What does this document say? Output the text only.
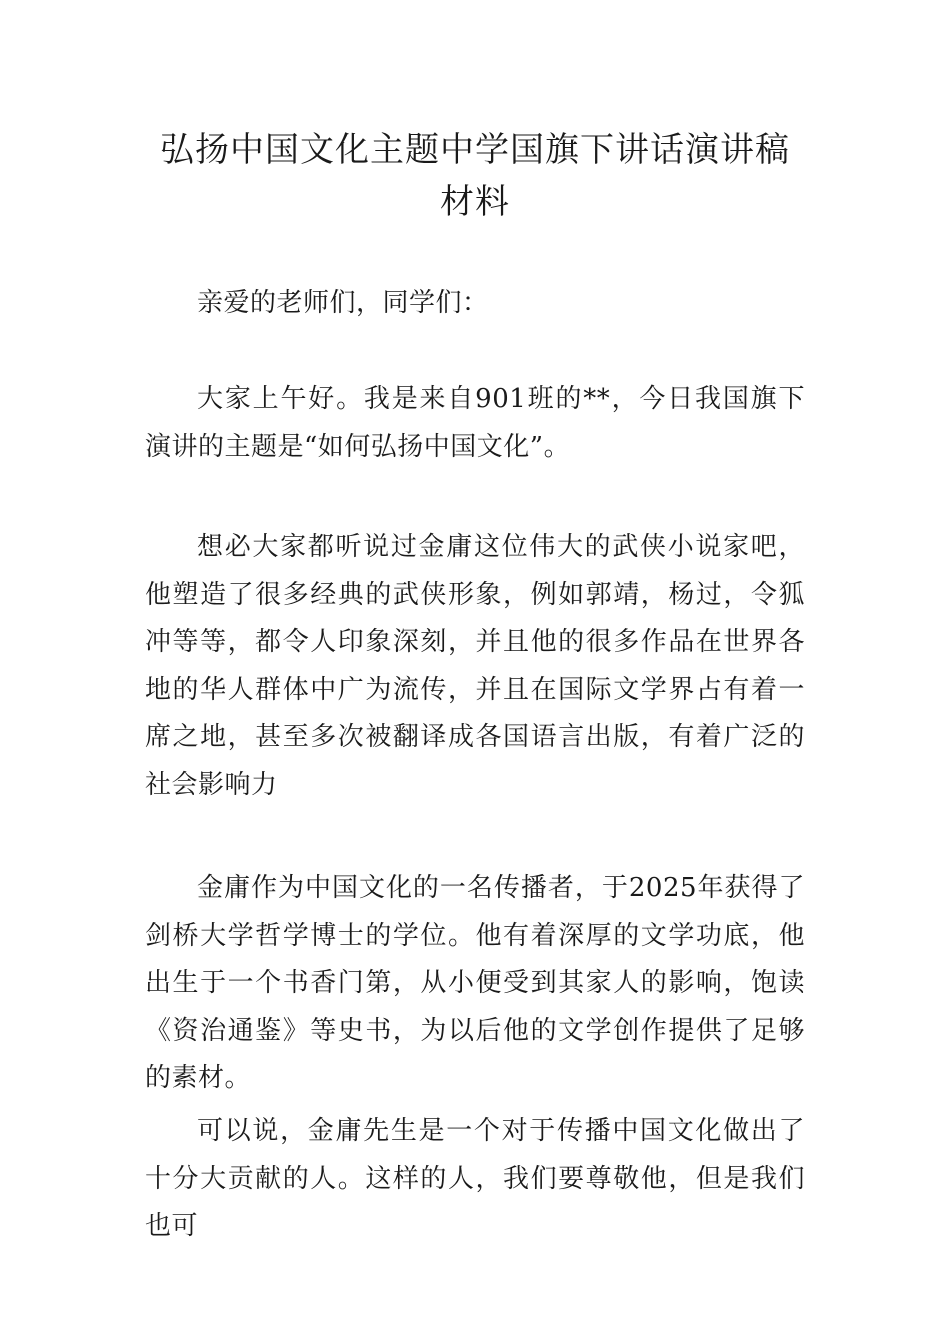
弘扬中国文化主题中学国旗下讲话演讲稿
材料

亲爱的老师们，同学们：

大家上午好。我是来自901班的**，今日我国旗下演讲的主题是“如何弘扬中国文化”。

想必大家都听说过金庸这位伟大的武侠小说家吧，他塑造了很多经典的武侠形象，例如郭靖，杨过，令狐冲等等，都令人印象深刻，并且他的很多作品在世界各地的华人群体中广为流传，并且在国际文学界占有着一席之地，甚至多次被翻译成各国语言出版，有着广泛的社会影响力

金庸作为中国文化的一名传播者，于2025年获得了剑桥大学哲学博士的学位。他有着深厚的文学功底，他出生于一个书香门第，从小便受到其家人的影响，饱读《资治通鉴》等史书，为以后他的文学创作提供了足够的素材。

可以说，金庸先生是一个对于传播中国文化做出了十分大贡献的人。这样的人，我们要尊敬他，但是我们也可
